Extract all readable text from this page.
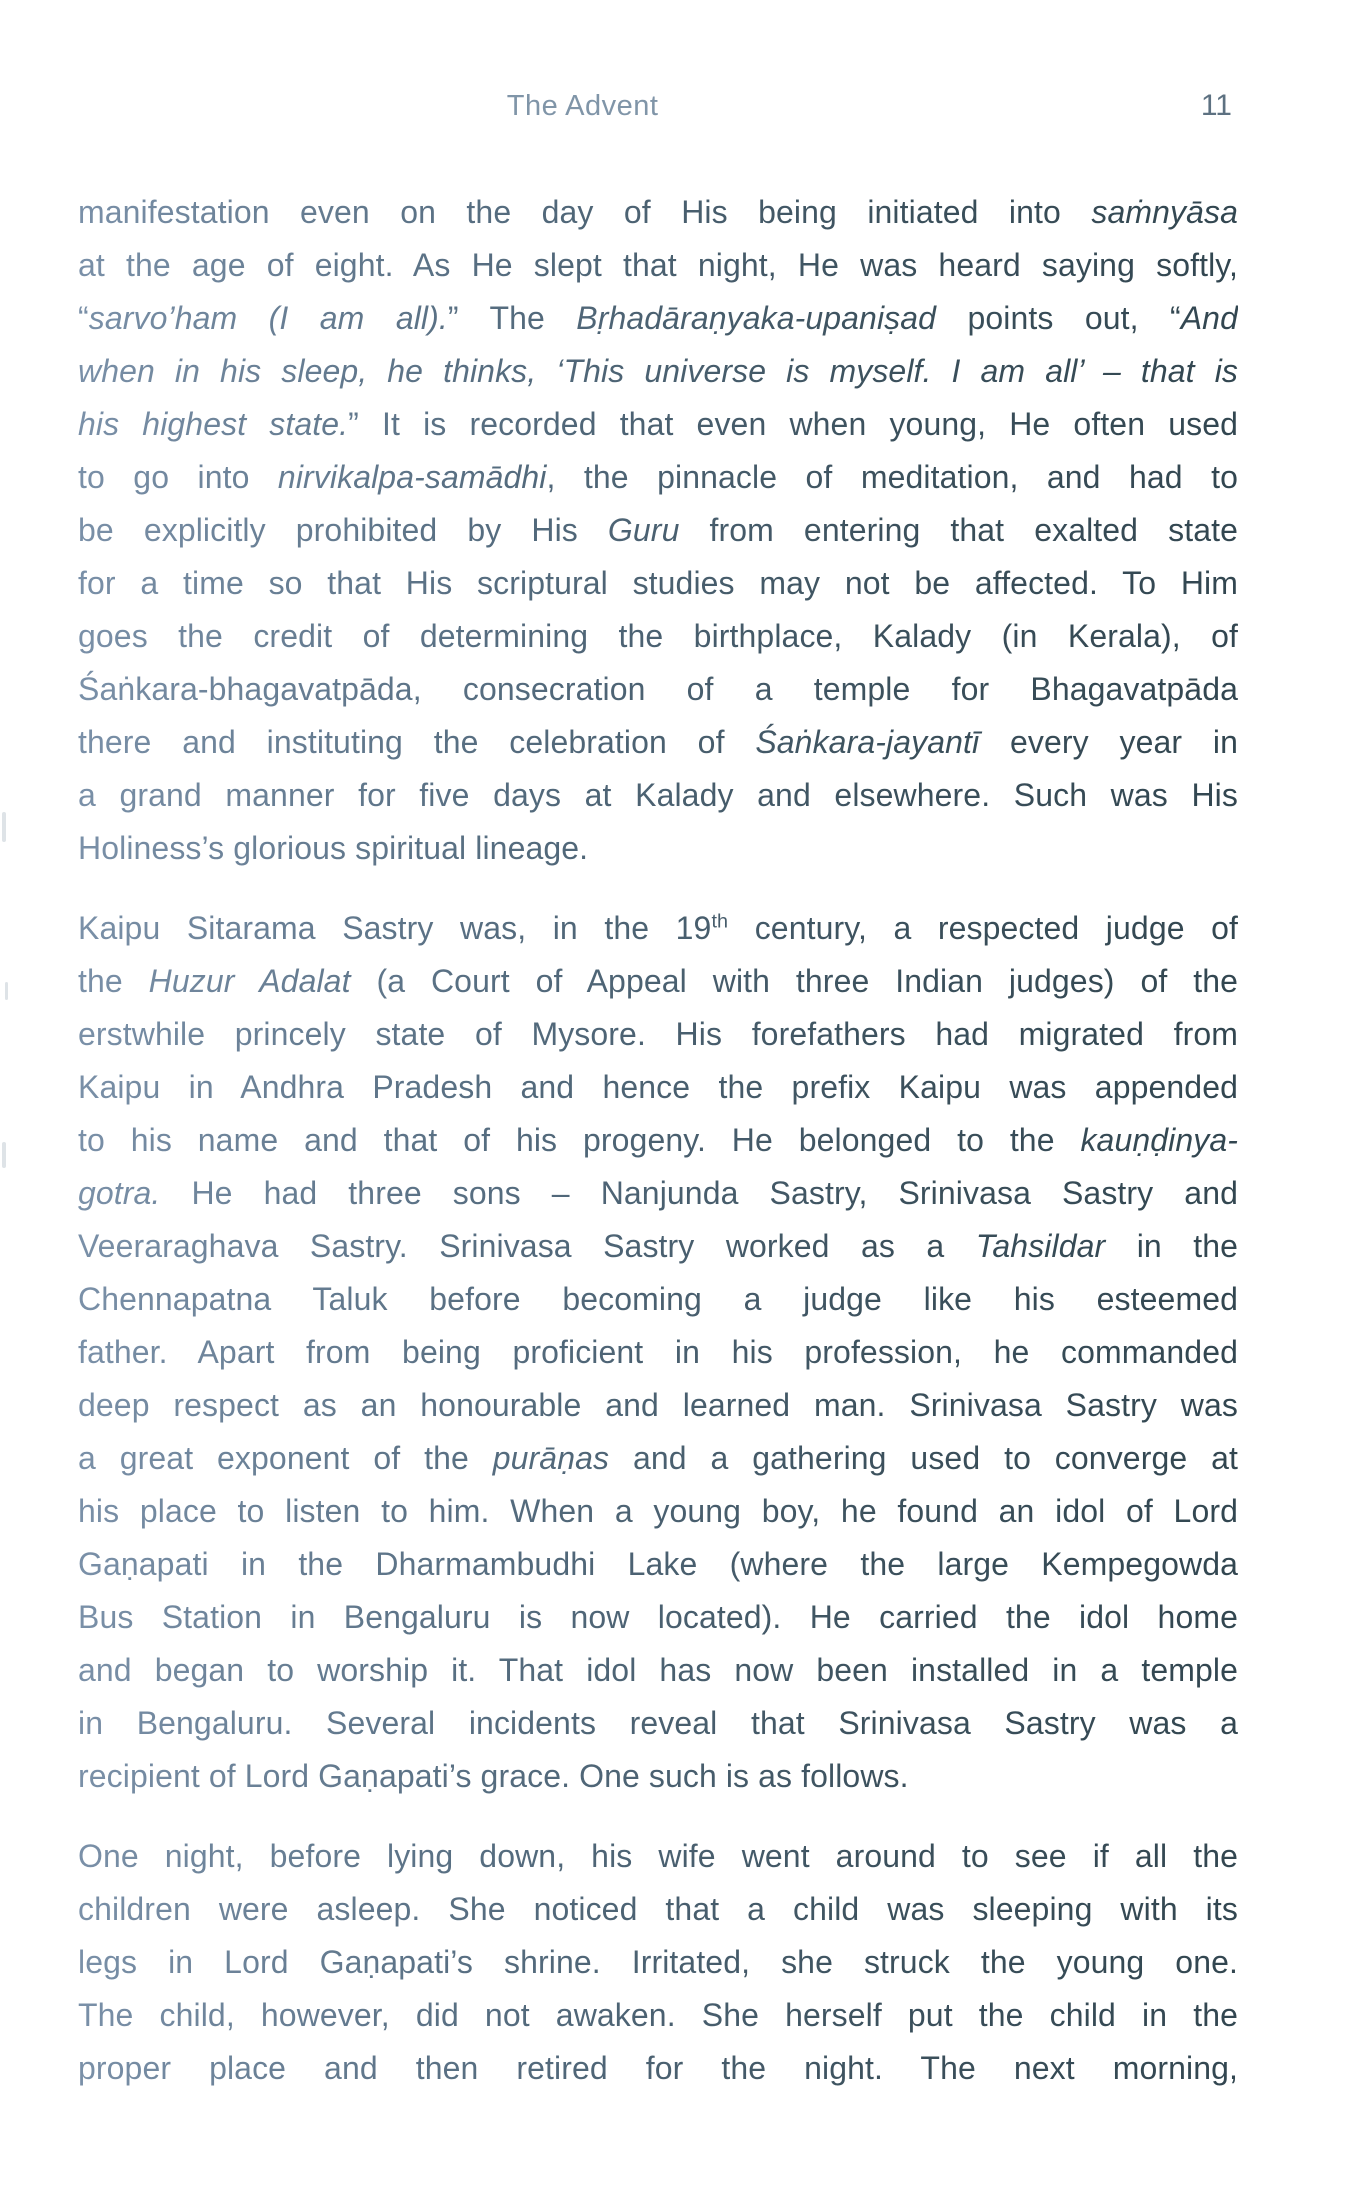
The Advent	11
manifestation even on the day of His being initiated into saṁnyāsa
at the age of eight. As He slept that night, He was heard saying softly,
“sarvo’ham (I am all).” The Bṛhadāraṇyaka-upaniṣad points out, “And
when in his sleep, he thinks, ‘This universe is myself. I am all’ – that is
his highest state.” It is recorded that even when young, He often used
to go into nirvikalpa-samādhi, the pinnacle of meditation, and had to
be explicitly prohibited by His Guru from entering that exalted state
for a time so that His scriptural studies may not be affected. To Him
goes the credit of determining the birthplace, Kalady (in Kerala), of
Śaṅkara-bhagavatpāda, consecration of a temple for Bhagavatpāda
there and instituting the celebration of Śaṅkara-jayantī every year in
a grand manner for five days at Kalady and elsewhere. Such was His
Holiness’s glorious spiritual lineage.
Kaipu Sitarama Sastry was, in the 19th century, a respected judge of
the Huzur Adalat (a Court of Appeal with three Indian judges) of the
erstwhile princely state of Mysore. His forefathers had migrated from
Kaipu in Andhra Pradesh and hence the prefix Kaipu was appended
to his name and that of his progeny. He belonged to the kauṇḍinya-
gotra. He had three sons – Nanjunda Sastry, Srinivasa Sastry and
Veeraraghava Sastry. Srinivasa Sastry worked as a Tahsildar in the
Chennapatna Taluk before becoming a judge like his esteemed
father. Apart from being proficient in his profession, he commanded
deep respect as an honourable and learned man. Srinivasa Sastry was
a great exponent of the purāṇas and a gathering used to converge at
his place to listen to him. When a young boy, he found an idol of Lord
Gaṇapati in the Dharmambudhi Lake (where the large Kempegowda
Bus Station in Bengaluru is now located). He carried the idol home
and began to worship it. That idol has now been installed in a temple
in Bengaluru. Several incidents reveal that Srinivasa Sastry was a
recipient of Lord Gaṇapati’s grace. One such is as follows.
One night, before lying down, his wife went around to see if all the
children were asleep. She noticed that a child was sleeping with its
legs in Lord Gaṇapati’s shrine. Irritated, she struck the young one.
The child, however, did not awaken. She herself put the child in the
proper place and then retired for the night. The next morning,
